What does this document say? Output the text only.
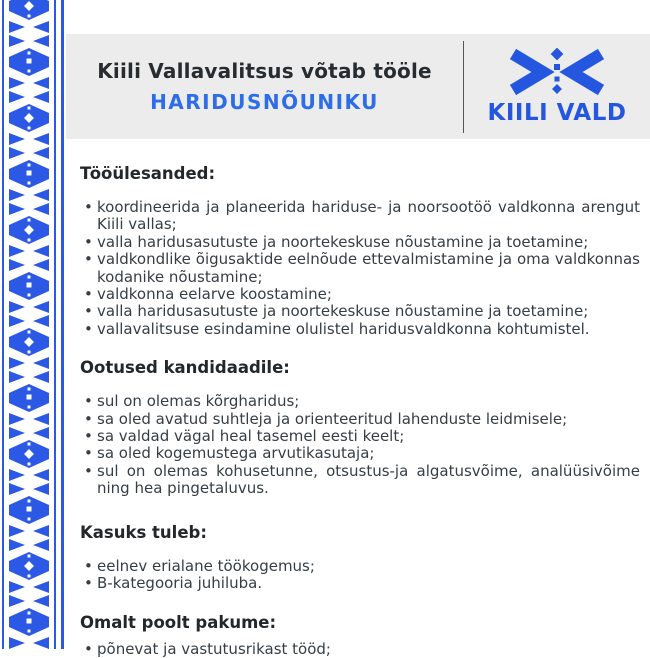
Kiili Vallavalitsus võtab tööle
HARIDUSNÕUNIKU	KIILI VALD
Tööülesanded:
• koordineerida ja planeerida hariduse- ja noorsootöö valdkonna arengut Kiili vallas;
• valla haridusasutuste ja noortekeskuse nõustamine ja toetamine;
• valdkondlike õigusaktide eelnõude ettevalmistamine ja oma valdkonnas kodanike nõustamine;
• valdkonna eelarve koostamine;
• valla haridusasutuste ja noortekeskuse nõustamine ja toetamine;
• vallavalitsuse esindamine olulistel haridusvaldkonna kohtumistel.
Ootused kandidaadile:
• sul on olemas kõrgharidus;
• sa oled avatud suhtleja ja orienteeritud lahenduste leidmisele;
• sa valdad vägal heal tasemel eesti keelt;
• sa oled kogemustega arvutikasutaja;
• sul on olemas kohusetunne, otsustus-ja algatusvõime, analüüsivõime ning hea pingetaluvus.
Kasuks tuleb:
• eelnev erialane töökogemus;
• B-kategooria juhiluba.
Omalt poolt pakume:
• põnevat ja vastutusrikast tööd;
